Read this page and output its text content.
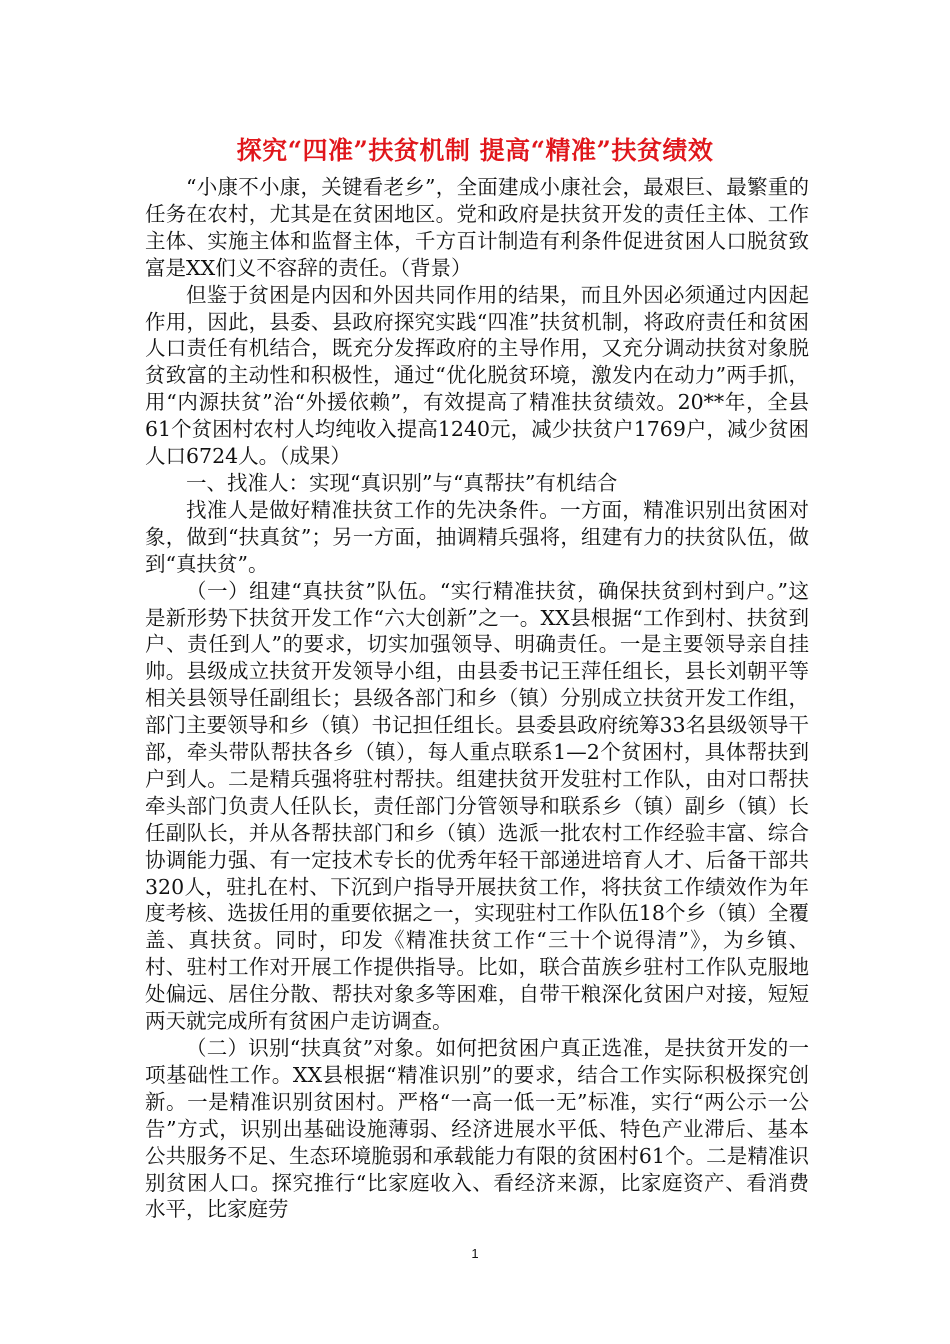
探究“四准”扶贫机制 提高“精准”扶贫绩效

“小康不小康，关键看老乡”，全面建成小康社会，最艰巨、最繁重的任务在农村，尤其是在贫困地区。党和政府是扶贫开发的责任主体、工作主体、实施主体和监督主体，千方百计制造有利条件促进贫困人口脱贫致富是XX们义不容辞的责任。（背景）

但鉴于贫困是内因和外因共同作用的结果，而且外因必须通过内因起作用，因此，县委、县政府探究实践“四准”扶贫机制，将政府责任和贫困人口责任有机结合，既充分发挥政府的主导作用，又充分调动扶贫对象脱贫致富的主动性和积极性，通过“优化脱贫环境，激发内在动力”两手抓，用“内源扶贫”治“外援依赖”，有效提高了精准扶贫绩效。20**年，全县61个贫困村农村人均纯收入提高1240元，减少扶贫户1769户，减少贫困人口6724人。（成果）

一、找准人：实现“真识别”与“真帮扶”有机结合

找准人是做好精准扶贫工作的先决条件。一方面，精准识别出贫困对象，做到“扶真贫”；另一方面，抽调精兵强将，组建有力的扶贫队伍，做到“真扶贫”。

（一）组建“真扶贫”队伍。“实行精准扶贫，确保扶贫到村到户。”这是新形势下扶贫开发工作“六大创新”之一。XX县根据“工作到村、扶贫到户、责任到人”的要求，切实加强领导、明确责任。一是主要领导亲自挂帅。县级成立扶贫开发领导小组，由县委书记王萍任组长，县长刘朝平等相关县领导任副组长；县级各部门和乡（镇）分别成立扶贫开发工作组，部门主要领导和乡（镇）书记担任组长。县委县政府统筹33名县级领导干部，牵头带队帮扶各乡（镇），每人重点联系1—2个贫困村，具体帮扶到户到人。二是精兵强将驻村帮扶。组建扶贫开发驻村工作队，由对口帮扶牵头部门负责人任队长，责任部门分管领导和联系乡（镇）副乡（镇）长任副队长，并从各帮扶部门和乡（镇）选派一批农村工作经验丰富、综合协调能力强、有一定技术专长的优秀年轻干部递进培育人才、后备干部共320人，驻扎在村、下沉到户指导开展扶贫工作，将扶贫工作绩效作为年度考核、选拔任用的重要依据之一，实现驻村工作队伍18个乡（镇）全覆盖、真扶贫。同时，印发《精准扶贫工作“三十个说得清”》，为乡镇、村、驻村工作对开展工作提供指导。比如，联合苗族乡驻村工作队克服地处偏远、居住分散、帮扶对象多等困难，自带干粮深化贫困户对接，短短两天就完成所有贫困户走访调查。

（二）识别“扶真贫”对象。如何把贫困户真正选准，是扶贫开发的一项基础性工作。XX县根据“精准识别”的要求，结合工作实际积极探究创新。一是精准识别贫困村。严格“一高一低一无”标准，实行“两公示一公告”方式，识别出基础设施薄弱、经济进展水平低、特色产业滞后、基本公共服务不足、生态环境脆弱和承载能力有限的贫困村61个。二是精准识别贫困人口。探究推行“比家庭收入、看经济来源，比家庭资产、看消费水平，比家庭劳

1
